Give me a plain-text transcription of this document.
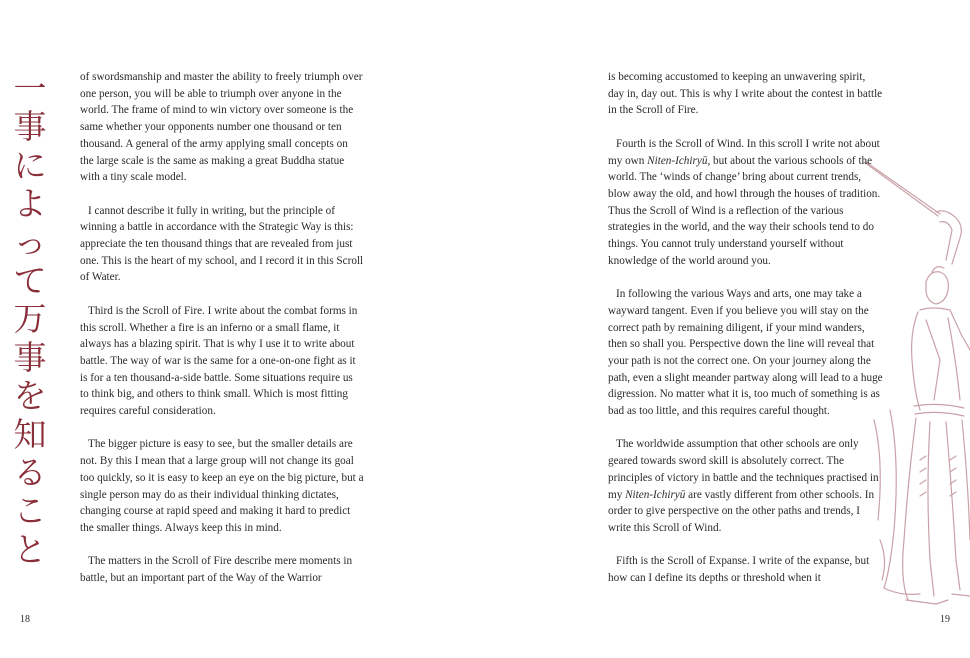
一
事
に
よ
っ
て
万
事
を
知
る
こ
と

of swordsmanship and master the ability to freely triumph over one person, you will be able to triumph over anyone in the world. The frame of mind to win victory over someone is the same whether your opponents number one thousand or ten thousand. A general of the army applying small concepts on the large scale is the same as making a great Buddha statue with a tiny scale model.

I cannot describe it fully in writing, but the principle of winning a battle in accordance with the Strategic Way is this: appreciate the ten thousand things that are revealed from just one. This is the heart of my school, and I record it in this Scroll of Water.

Third is the Scroll of Fire. I write about the combat forms in this scroll. Whether a fire is an inferno or a small flame, it always has a blazing spirit. That is why I use it to write about battle. The way of war is the same for a one-on-one fight as it is for a ten thousand-a-side battle. Some situations require us to think big, and others to think small. Which is most fitting requires careful consideration.

The bigger picture is easy to see, but the smaller details are not. By this I mean that a large group will not change its goal too quickly, so it is easy to keep an eye on the big picture, but a single person may do as their individual thinking dictates, changing course at rapid speed and making it hard to predict the smaller things. Always keep this in mind.

The matters in the Scroll of Fire describe mere moments in battle, but an important part of the Way of the Warrior

is becoming accustomed to keeping an unwavering spirit, day in, day out. This is why I write about the contest in battle in the Scroll of Fire.

Fourth is the Scroll of Wind. In this scroll I write not about my own Niten-Ichiryū, but about the various schools of the world. The ‘winds of change’ bring about current trends, blow away the old, and howl through the houses of tradition. Thus the Scroll of Wind is a reflection of the various strategies in the world, and the way their schools tend to do things. You cannot truly understand yourself without knowledge of the world around you.

In following the various Ways and arts, one may take a wayward tangent. Even if you believe you will stay on the correct path by remaining diligent, if your mind wanders, then so shall you. Perspective down the line will reveal that your path is not the correct one. On your journey along the path, even a slight meander partway along will lead to a huge digression. No matter what it is, too much of something is as bad as too little, and this requires careful thought.

The worldwide assumption that other schools are only geared towards sword skill is absolutely correct. The principles of victory in battle and the techniques practised in my Niten-Ichiryū are vastly different from other schools. In order to give perspective on the other paths and trends, I write this Scroll of Wind.

Fifth is the Scroll of Expanse. I write of the expanse, but how can I define its depths or threshold when it

18	19
